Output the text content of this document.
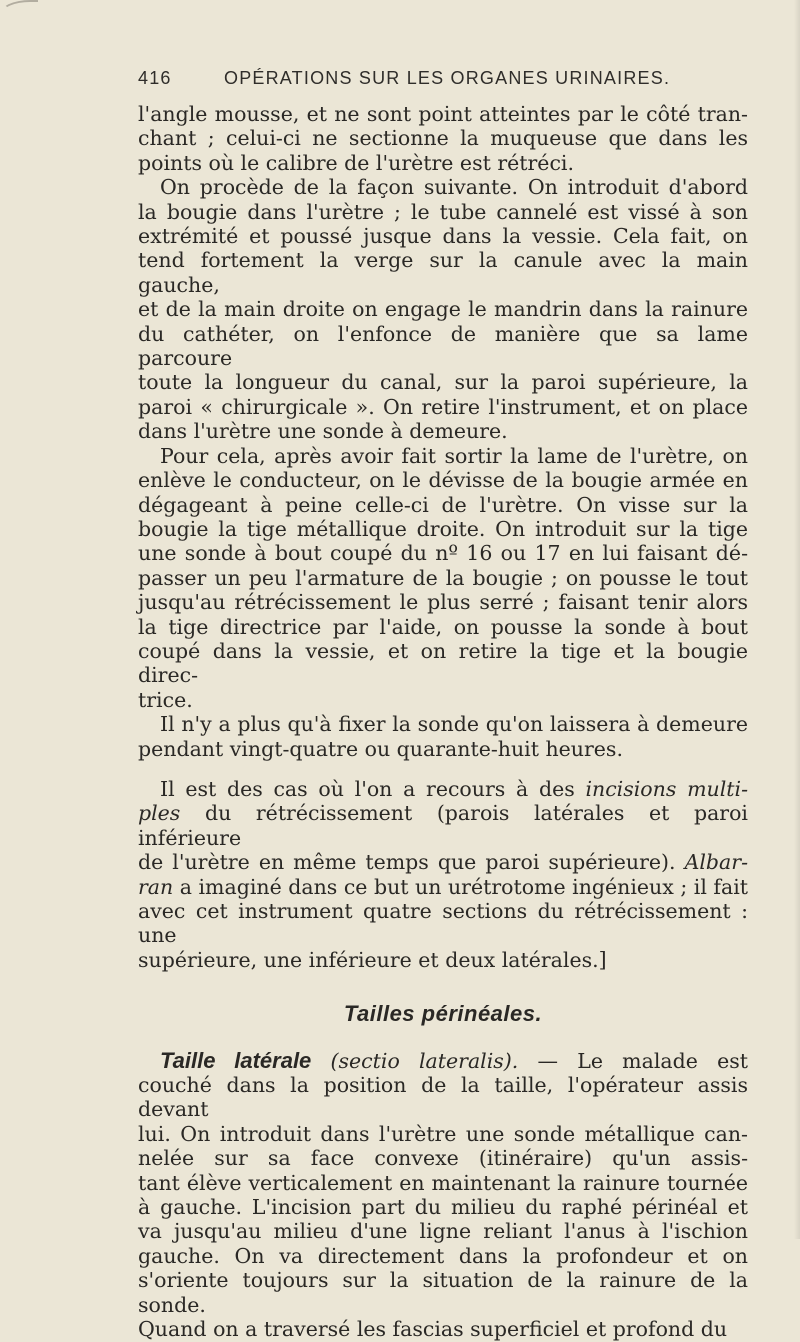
416	OPÉRATIONS SUR LES ORGANES URINAIRES.

l'angle mousse, et ne sont point atteintes par le côté tran-
chant ; celui-ci ne sectionne la muqueuse que dans les
points où le calibre de l'urètre est rétréci.

On procède de la façon suivante. On introduit d'abord
la bougie dans l'urètre ; le tube cannelé est vissé à son
extrémité et poussé jusque dans la vessie. Cela fait, on
tend fortement la verge sur la canule avec la main gauche,
et de la main droite on engage le mandrin dans la rainure
du cathéter, on l'enfonce de manière que sa lame parcoure
toute la longueur du canal, sur la paroi supérieure, la
paroi « chirurgicale ». On retire l'instrument, et on place
dans l'urètre une sonde à demeure.

Pour cela, après avoir fait sortir la lame de l'urètre, on
enlève le conducteur, on le dévisse de la bougie armée en
dégageant à peine celle-ci de l'urètre. On visse sur la
bougie la tige métallique droite. On introduit sur la tige
une sonde à bout coupé du nº 16 ou 17 en lui faisant dé-
passer un peu l'armature de la bougie ; on pousse le tout
jusqu'au rétrécissement le plus serré ; faisant tenir alors
la tige directrice par l'aide, on pousse la sonde à bout
coupé dans la vessie, et on retire la tige et la bougie direc-
trice.

Il n'y a plus qu'à fixer la sonde qu'on laissera à demeure
pendant vingt-quatre ou quarante-huit heures.

Il est des cas où l'on a recours à des incisions multi-
ples du rétrécissement (parois latérales et paroi inférieure
de l'urètre en même temps que paroi supérieure). Albar-
ran a imaginé dans ce but un urétrotome ingénieux ; il fait
avec cet instrument quatre sections du rétrécissement : une
supérieure, une inférieure et deux latérales.]

Tailles périnéales.

Taille latérale (sectio lateralis). — Le malade est
couché dans la position de la taille, l'opérateur assis devant
lui. On introduit dans l'urètre une sonde métallique can-
nelée sur sa face convexe (itinéraire) qu'un assis-
tant élève verticalement en maintenant la rainure tournée
à gauche. L'incision part du milieu du raphé périnéal et
va jusqu'au milieu d'une ligne reliant l'anus à l'ischion
gauche. On va directement dans la profondeur et on
s'oriente toujours sur la situation de la rainure de la sonde.
Quand on a traversé les fascias superficiel et profond du
